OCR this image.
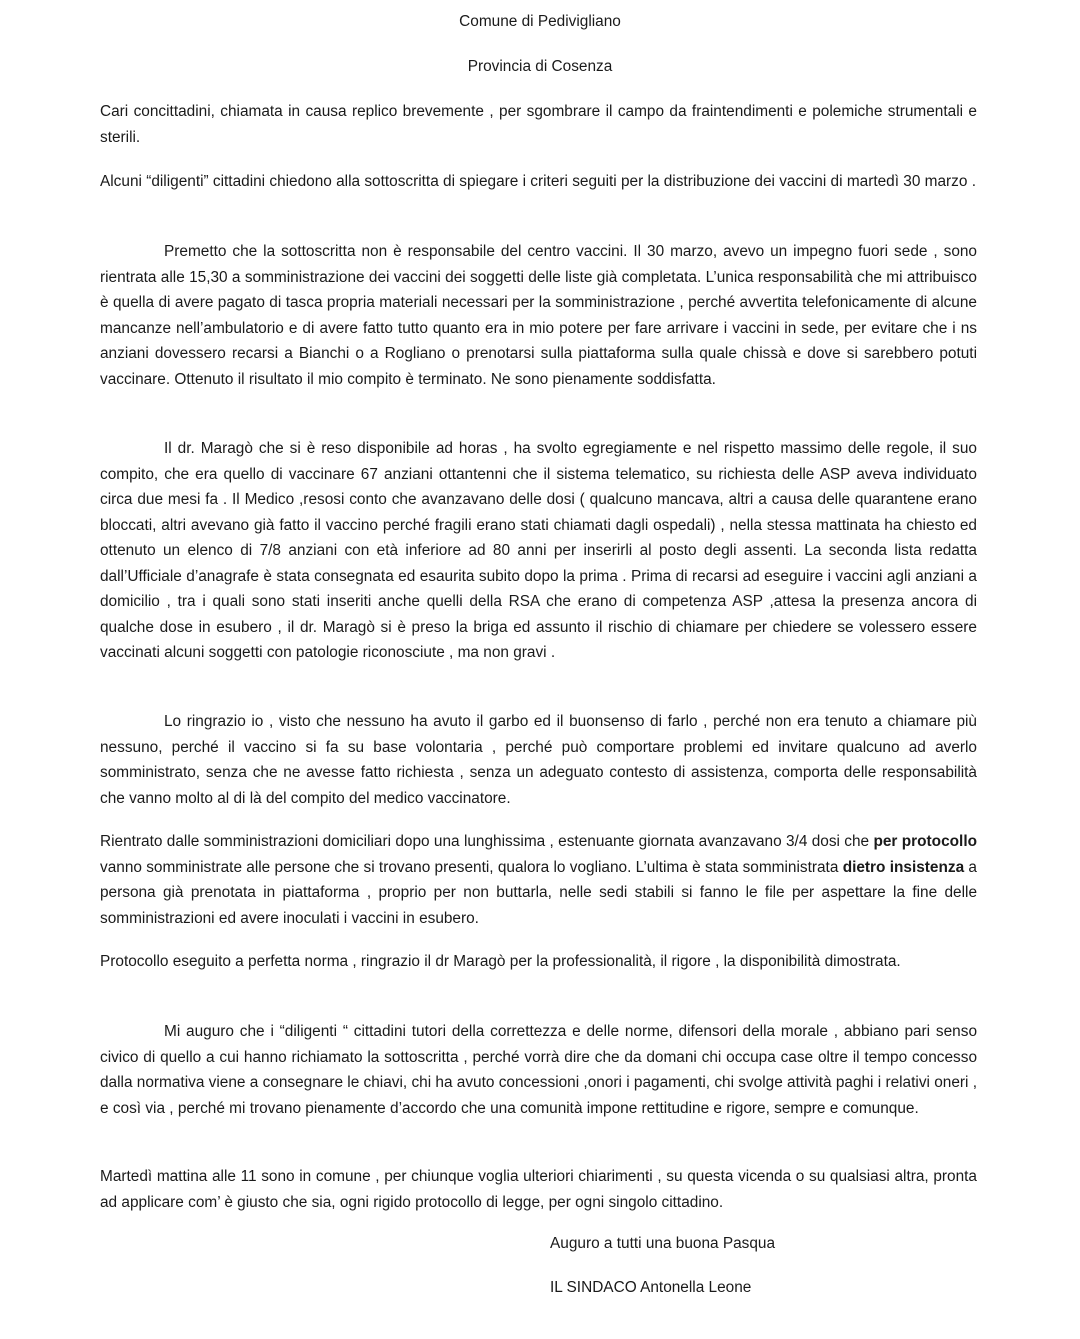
Comune di Pedivigliano

Provincia di Cosenza

Cari concittadini, chiamata in causa replico brevemente , per sgombrare il campo da fraintendimenti e polemiche strumentali e sterili.

Alcuni “diligenti” cittadini chiedono alla sottoscritta di spiegare i criteri seguiti per la distribuzione dei vaccini di martedì 30 marzo .

Premetto che la sottoscritta non è responsabile del centro vaccini. Il 30 marzo, avevo un impegno fuori sede , sono rientrata alle 15,30 a somministrazione dei vaccini dei soggetti delle liste già completata. L’unica responsabilità che mi attribuisco è quella di avere pagato di tasca propria materiali necessari per la somministrazione , perché avvertita telefonicamente di alcune mancanze nell’ambulatorio e di avere fatto tutto quanto era in mio potere per fare arrivare i vaccini in sede, per evitare che i ns anziani dovessero recarsi a Bianchi o a Rogliano o prenotarsi sulla piattaforma sulla quale chissà e dove si sarebbero potuti vaccinare. Ottenuto il risultato il mio compito è terminato. Ne sono pienamente soddisfatta.

Il dr. Maragò che si è reso disponibile ad horas , ha svolto egregiamente e nel rispetto massimo delle regole, il suo compito, che era quello di vaccinare 67 anziani ottantenni che il sistema telematico, su richiesta delle ASP aveva individuato circa due mesi fa . Il Medico ,resosi conto che avanzavano delle dosi ( qualcuno mancava, altri a causa delle quarantene erano bloccati, altri avevano già fatto il vaccino perché fragili erano stati chiamati dagli ospedali) , nella stessa mattinata ha chiesto ed ottenuto un elenco di 7/8 anziani con età inferiore ad 80 anni per inserirli al posto degli assenti. La seconda lista redatta dall’Ufficiale d’anagrafe è stata consegnata ed esaurita subito dopo la prima . Prima di recarsi ad eseguire i vaccini agli anziani a domicilio , tra i quali sono stati inseriti anche quelli della RSA che erano di competenza ASP ,attesa la presenza ancora di qualche dose in esubero , il dr. Maragò si è preso la briga ed assunto il rischio di chiamare per chiedere se volessero essere vaccinati alcuni soggetti con patologie riconosciute , ma non gravi .

Lo ringrazio io , visto che nessuno ha avuto il garbo ed il buonsenso di farlo , perché non era tenuto a chiamare più nessuno, perché il vaccino si fa su base volontaria , perché può comportare problemi ed invitare qualcuno ad averlo somministrato, senza che ne avesse fatto richiesta , senza un adeguato contesto di assistenza, comporta delle responsabilità che vanno molto al di là del compito del medico vaccinatore.

Rientrato dalle somministrazioni domiciliari dopo una lunghissima , estenuante giornata avanzavano 3/4 dosi che per protocollo vanno somministrate alle persone che si trovano presenti, qualora lo vogliano. L’ultima è stata somministrata dietro insistenza a persona già prenotata in piattaforma , proprio per non buttarla, nelle sedi stabili si fanno le file per aspettare la fine delle somministrazioni ed avere inoculati i vaccini in esubero.

Protocollo eseguito a perfetta norma , ringrazio il dr Maragò per la professionalità, il rigore , la disponibilità dimostrata.

Mi auguro che i “diligenti “ cittadini tutori della correttezza e delle norme, difensori della morale , abbiano pari senso civico di quello a cui hanno richiamato la sottoscritta , perché vorrà dire che da domani chi occupa case oltre il tempo concesso dalla normativa viene a consegnare le chiavi, chi ha avuto concessioni ,onori i pagamenti, chi svolge attività paghi i relativi oneri , e così via , perché mi trovano pienamente d’accordo che una comunità impone rettitudine e rigore, sempre e comunque.

Martedì mattina alle 11 sono in comune , per chiunque voglia ulteriori chiarimenti , su questa vicenda o su qualsiasi altra, pronta ad applicare com’ è giusto che sia, ogni rigido protocollo di legge, per ogni singolo cittadino.

Auguro a tutti una buona Pasqua

IL SINDACO Antonella Leone
